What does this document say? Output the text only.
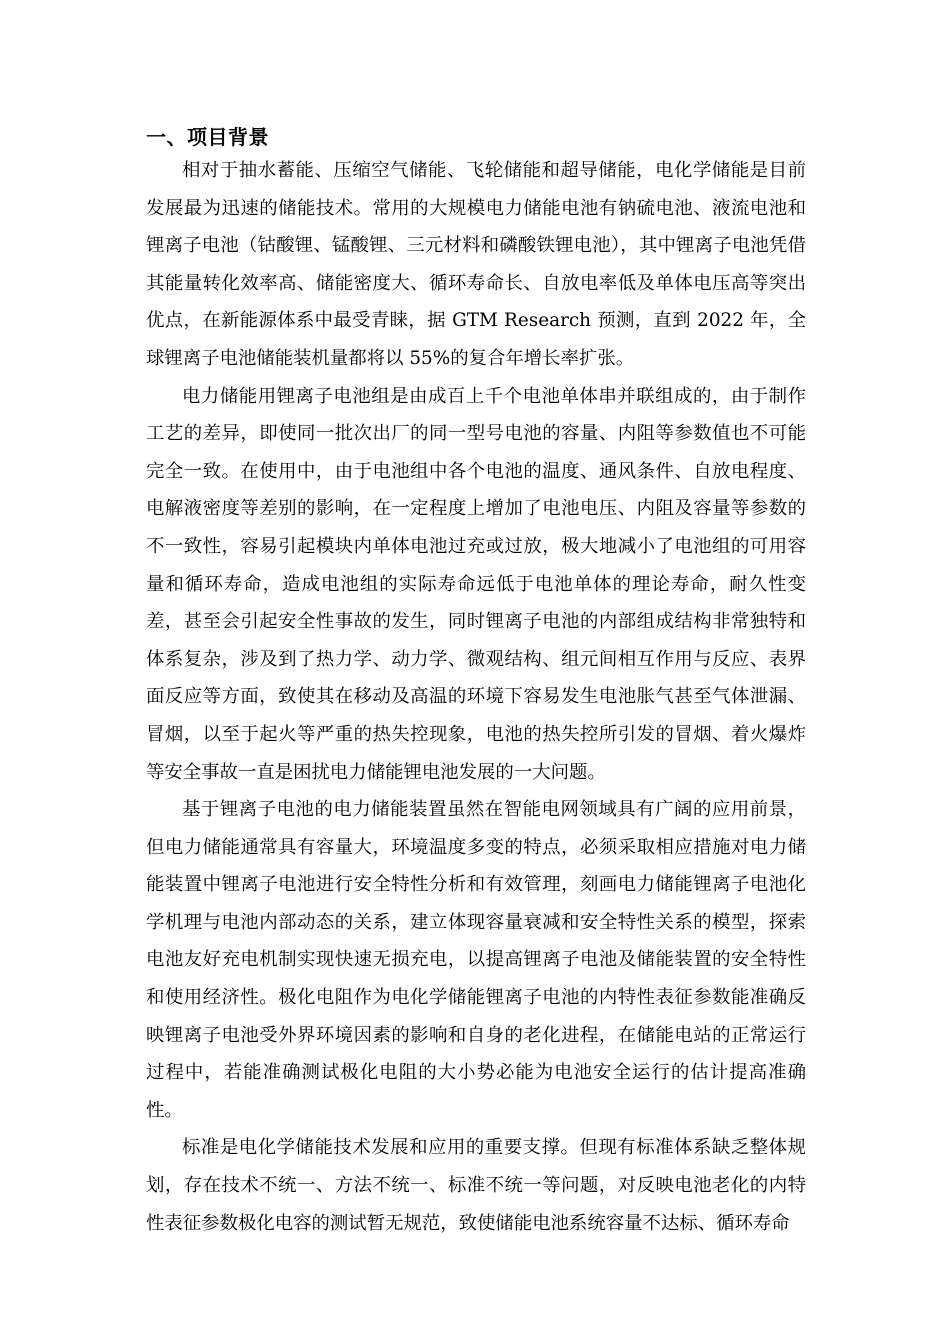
一、项目背景

相对于抽水蓄能、压缩空气储能、飞轮储能和超导储能，电化学储能是目前发展最为迅速的储能技术。常用的大规模电力储能电池有钠硫电池、液流电池和锂离子电池（钴酸锂、锰酸锂、三元材料和磷酸铁锂电池），其中锂离子电池凭借其能量转化效率高、储能密度大、循环寿命长、自放电率低及单体电压高等突出优点，在新能源体系中最受青睐，据 GTM Research 预测，直到 2022 年，全球锂离子电池储能装机量都将以 55%的复合年增长率扩张。

电力储能用锂离子电池组是由成百上千个电池单体串并联组成的，由于制作工艺的差异，即使同一批次出厂的同一型号电池的容量、内阻等参数值也不可能完全一致。在使用中，由于电池组中各个电池的温度、通风条件、自放电程度、电解液密度等差别的影响，在一定程度上增加了电池电压、内阻及容量等参数的不一致性，容易引起模块内单体电池过充或过放，极大地减小了电池组的可用容量和循环寿命，造成电池组的实际寿命远低于电池单体的理论寿命，耐久性变差，甚至会引起安全性事故的发生，同时锂离子电池的内部组成结构非常独特和体系复杂，涉及到了热力学、动力学、微观结构、组元间相互作用与反应、表界面反应等方面，致使其在移动及高温的环境下容易发生电池胀气甚至气体泄漏、冒烟，以至于起火等严重的热失控现象，电池的热失控所引发的冒烟、着火爆炸等安全事故一直是困扰电力储能锂电池发展的一大问题。

基于锂离子电池的电力储能装置虽然在智能电网领域具有广阔的应用前景，但电力储能通常具有容量大，环境温度多变的特点，必须采取相应措施对电力储能装置中锂离子电池进行安全特性分析和有效管理，刻画电力储能锂离子电池化学机理与电池内部动态的关系，建立体现容量衰减和安全特性关系的模型，探索电池友好充电机制实现快速无损充电，以提高锂离子电池及储能装置的安全特性和使用经济性。极化电阻作为电化学储能锂离子电池的内特性表征参数能准确反映锂离子电池受外界环境因素的影响和自身的老化进程，在储能电站的正常运行过程中，若能准确测试极化电阻的大小势必能为电池安全运行的估计提高准确性。

标准是电化学储能技术发展和应用的重要支撑。但现有标准体系缺乏整体规划，存在技术不统一、方法不统一、标准不统一等问题，对反映电池老化的内特性表征参数极化电容的测试暂无规范，致使储能电池系统容量不达标、循环寿命
